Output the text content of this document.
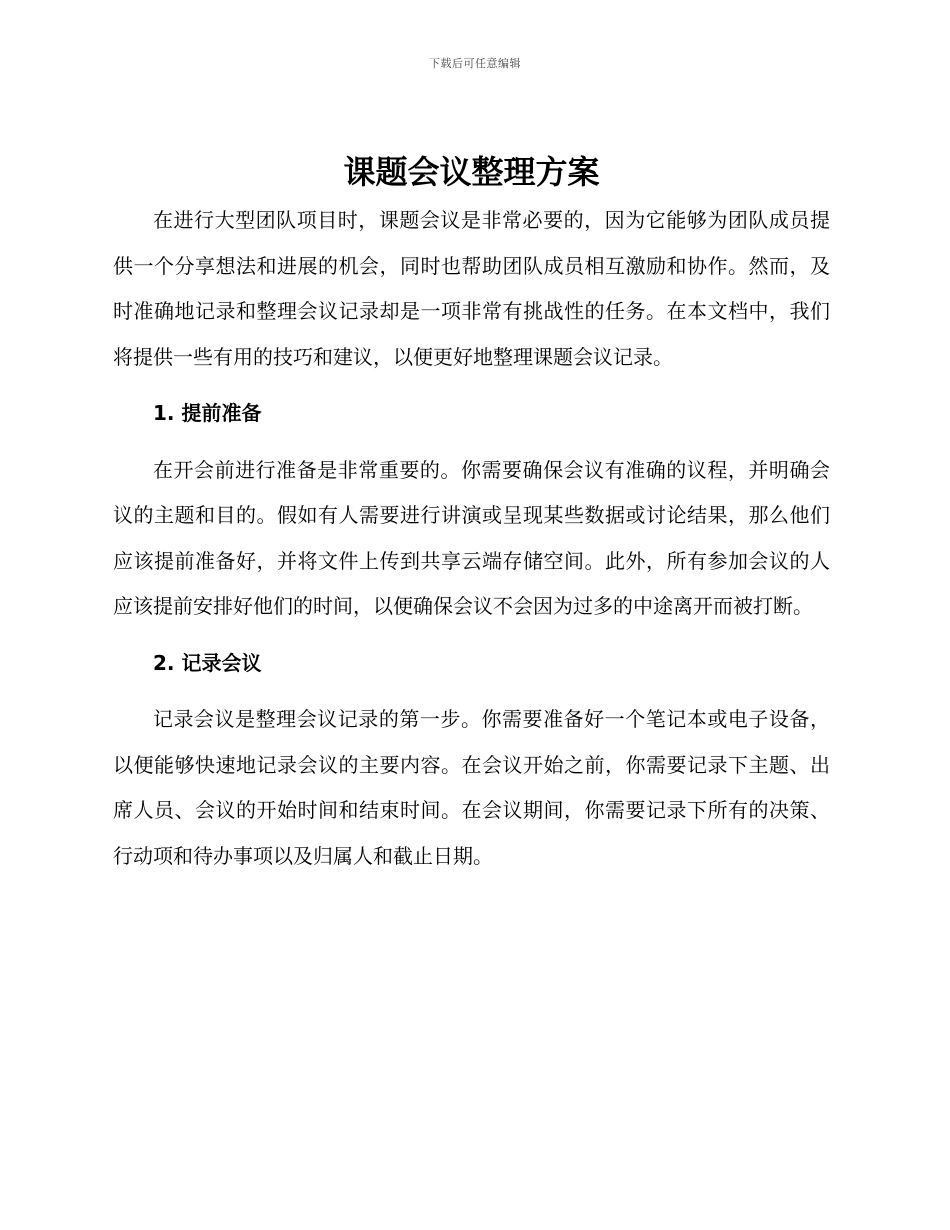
下载后可任意编辑
课题会议整理方案

在进行大型团队项目时，课题会议是非常必要的，因为它能够为团队成员提供一个分享想法和进展的机会，同时也帮助团队成员相互激励和协作。然而，及时准确地记录和整理会议记录却是一项非常有挑战性的任务。在本文档中，我们将提供一些有用的技巧和建议，以便更好地整理课题会议记录。

1. 提前准备

在开会前进行准备是非常重要的。你需要确保会议有准确的议程，并明确会议的主题和目的。假如有人需要进行讲演或呈现某些数据或讨论结果，那么他们应该提前准备好，并将文件上传到共享云端存储空间。此外，所有参加会议的人应该提前安排好他们的时间，以便确保会议不会因为过多的中途离开而被打断。

2. 记录会议

记录会议是整理会议记录的第一步。你需要准备好一个笔记本或电子设备，以便能够快速地记录会议的主要内容。在会议开始之前，你需要记录下主题、出席人员、会议的开始时间和结束时间。在会议期间，你需要记录下所有的决策、行动项和待办事项以及归属人和截止日期。
